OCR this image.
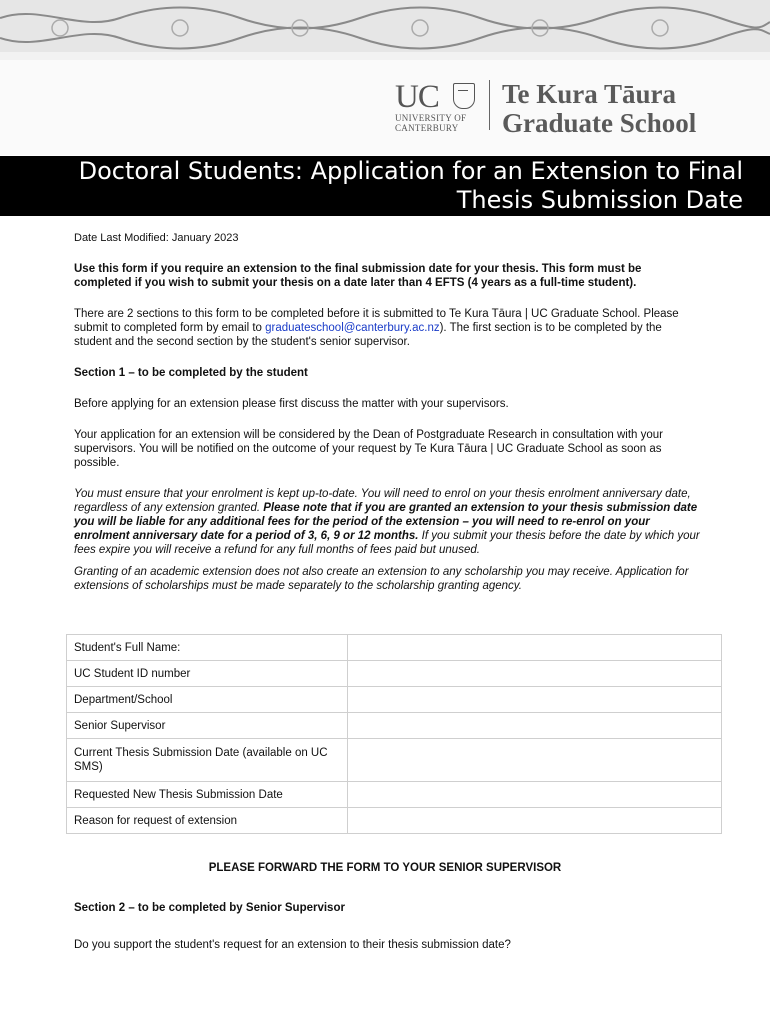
UC
UNIVERSITY OF
CANTERBURY
Te Kura Tāura
Graduate School
Doctoral Students: Application for an Extension to Final
Thesis Submission Date

Date Last Modified: January 2023

Use this form if you require an extension to the final submission date for your thesis. This form must be completed if you wish to submit your thesis on a date later than 4 EFTS (4 years as a full-time student).

There are 2 sections to this form to be completed before it is submitted to Te Kura Tāura | UC Graduate School. Please submit to completed form by email to graduateschool@canterbury.ac.nz). The first section is to be completed by the student and the second section by the student's senior supervisor.

Section 1 – to be completed by the student

Before applying for an extension please first discuss the matter with your supervisors.

Your application for an extension will be considered by the Dean of Postgraduate Research in consultation with your supervisors. You will be notified on the outcome of your request by Te Kura Tāura | UC Graduate School as soon as possible.

You must ensure that your enrolment is kept up-to-date. You will need to enrol on your thesis enrolment anniversary date, regardless of any extension granted. Please note that if you are granted an extension to your thesis submission date you will be liable for any additional fees for the period of the extension – you will need to re-enrol on your enrolment anniversary date for a period of 3, 6, 9 or 12 months. If you submit your thesis before the date by which your fees expire you will receive a refund for any full months of fees paid but unused.

Granting of an academic extension does not also create an extension to any scholarship you may receive. Application for extensions of scholarships must be made separately to the scholarship granting agency.

Student's Full Name:	
UC Student ID number	
Department/School	
Senior Supervisor	
Current Thesis Submission Date (available on UC SMS)	
Requested New Thesis Submission Date	
Reason for request of extension	
PLEASE FORWARD THE FORM TO YOUR SENIOR SUPERVISOR
Section 2 – to be completed by Senior Supervisor
Do you support the student's request for an extension to their thesis submission date?
